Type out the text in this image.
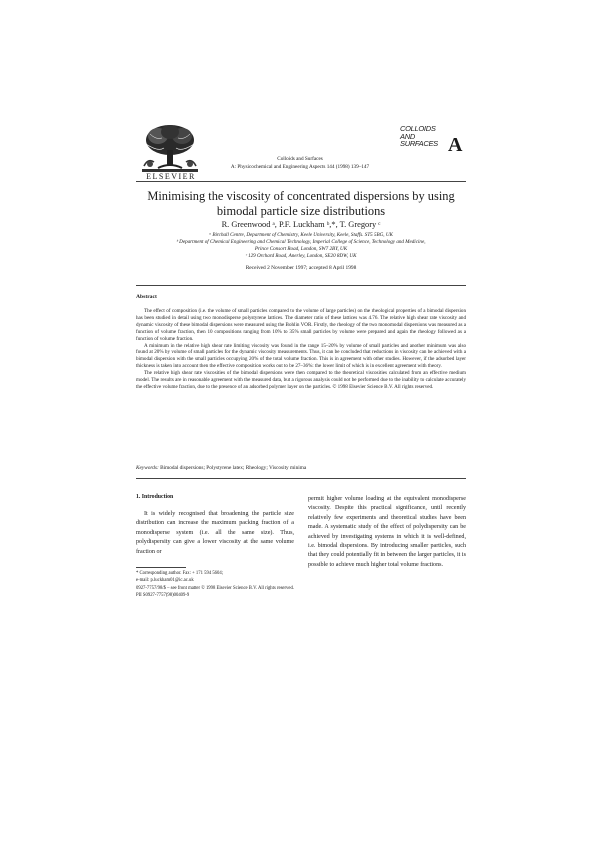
ELSEVIER
Colloids and Surfaces
A: Physicochemical and Engineering Aspects 144 (1998) 139–147
COLLOIDS
AND
SURFACES A
Minimising the viscosity of concentrated dispersions by using
bimodal particle size distributions
R. Greenwood ᵃ, P.F. Luckham ᵇ,*, T. Gregory ᶜ
ᵃ Birchall Centre, Department of Chemistry, Keele University, Keele, Staffs. ST5 5BG, UK
ᵇ Department of Chemical Engineering and Chemical Technology, Imperial College of Science, Technology and Medicine,
Prince Consort Road, London, SW7 2BY, UK
ᶜ 129 Orchard Road, Anerley, London, SE20 8DW, UK
Received 2 November 1997; accepted 8 April 1998
Abstract

The effect of composition (i.e. the volume of small particles compared to the volume of large particles) on the rheological properties of a bimodal dispersion has been studied in detail using two monodisperse polystyrene lattices. The diameter ratio of these lattices was 4.76. The relative high shear rate viscosity and dynamic viscosity of these bimodal dispersions were measured using the Bohlin VOR. Firstly, the rheology of the two monomodal dispersions was measured as a function of volume fraction, then 10 compositions ranging from 10% to 35% small particles by volume were prepared and again the rheology followed as a function of volume fraction.

A minimum in the relative high shear rate limiting viscosity was found in the range 15–20% by volume of small particles and another minimum was also found at 20% by volume of small particles for the dynamic viscosity measurements. Thus, it can be concluded that reductions in viscosity can be achieved with a bimodal dispersion with the small particles occupying 20% of the total volume fraction. This is in agreement with other studies. However, if the adsorbed layer thickness is taken into account then the effective composition works out to be 27–36%: the lower limit of which is in excellent agreement with theory.

The relative high shear rate viscosities of the bimodal dispersions were then compared to the theoretical viscosities calculated from an effective medium model. The results are in reasonable agreement with the measured data, but a rigorous analysis could not be performed due to the inability to calculate accurately the effective volume fraction, due to the presence of an adsorbed polymer layer on the particles. © 1998 Elsevier Science B.V. All rights reserved.

Keywords: Bimodal dispersions; Polystyrene latex; Rheology; Viscosity minima
1. Introduction

It is widely recognised that broadening the particle size distribution can increase the maximum packing fraction of a monodisperse system (i.e. all the same size). Thus, polydispersity can give a lower viscosity at the same volume fraction or

permit higher volume loading at the equivalent monodisperse viscosity. Despite this practical significance, until recently relatively few experiments and theoretical studies have been made. A systematic study of the effect of polydispersity can be achieved by investigating systems in which it is well-defined, i.e. bimodal dispersions. By introducing smaller particles, such that they could potentially fit in between the larger particles, it is possible to achieve much higher total volume fractions.

* Corresponding author. Fax: + 171 594 5604;
e-mail: p.luckham01@ic.ac.uk
0927-7757/98/$ – see front matter © 1998 Elsevier Science B.V. All rights reserved.
PII S0927-7757(98)00409-9
